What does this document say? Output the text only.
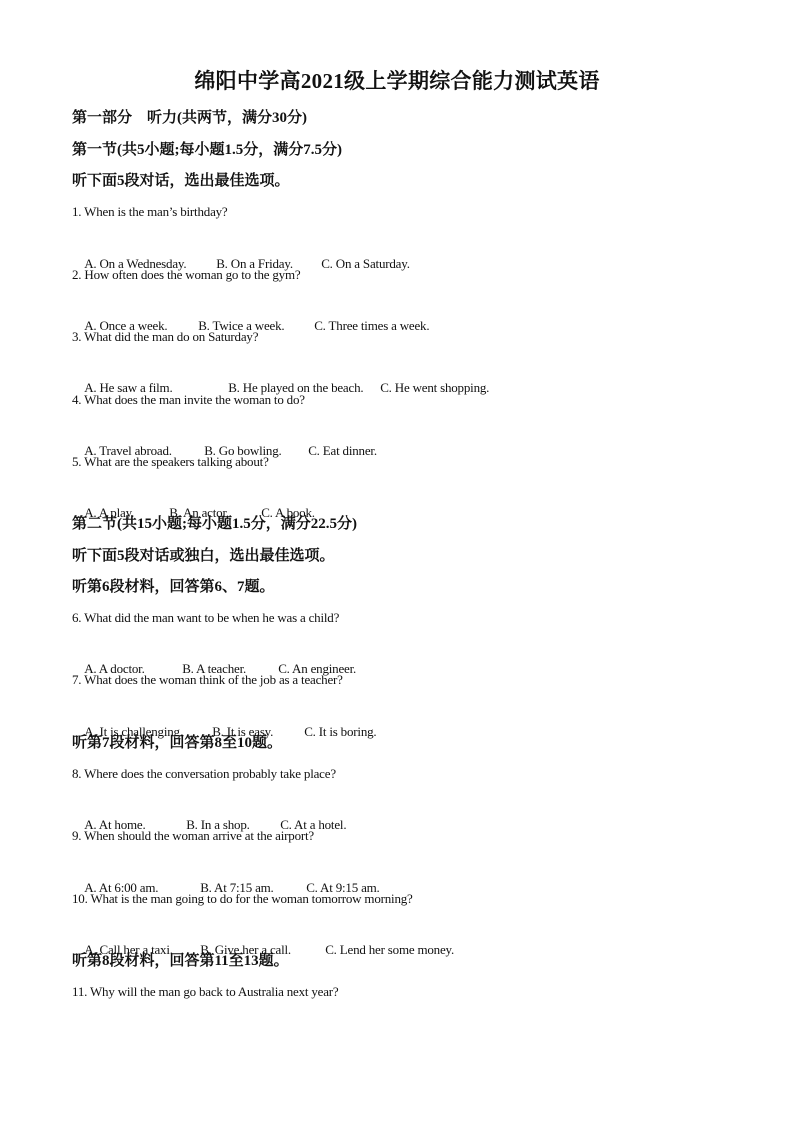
绵阳中学高2021级上学期综合能力测试英语
第一部分　听力(共两节，满分30分)
第一节(共5小题;每小题1.5分，满分7.5分)
听下面5段对话，选出最佳选项。
1. When is the man’s birthday?

A. On a Wednesday. B. On a Friday. C. On a Saturday.

2. How often does the woman go to the gym?

A. Once a week. B. Twice a week. C. Three times a week.

3. What did the man do on Saturday?

A. He saw a film.	B. He played on the beach. C. He went shopping.

4. What does the man invite the woman to do?

A. Travel abroad. B. Go bowling. C. Eat dinner.

5. What are the speakers talking about?

A. A play.	B. An actor. C. A book.

第二节(共15小题;每小题1.5分，满分22.5分)
听下面5段对话或独白，选出最佳选项。
听第6段材料，回答第6、7题。
6. What did the man want to be when he was a child?

A. A doctor.	B. A teacher. C. An engineer.

7. What does the woman think of the job as a teacher?

A. It is challenging. B. It is easy. C. It is boring.

听第7段材料，回答第8至10题。
8. Where does the conversation probably take place?

A. At home.	B. In a shop. C. At a hotel.

9. When should the woman arrive at the airport?

A. At 6:00 am.	B. At 7:15 am.	C. At 9:15 am.

10. What is the man going to do for the woman tomorrow morning?

A. Call her a taxi. B. Give her a call.	C. Lend her some money.

听第8段材料，回答第11至13题。
11. Why will the man go back to Australia next year?
